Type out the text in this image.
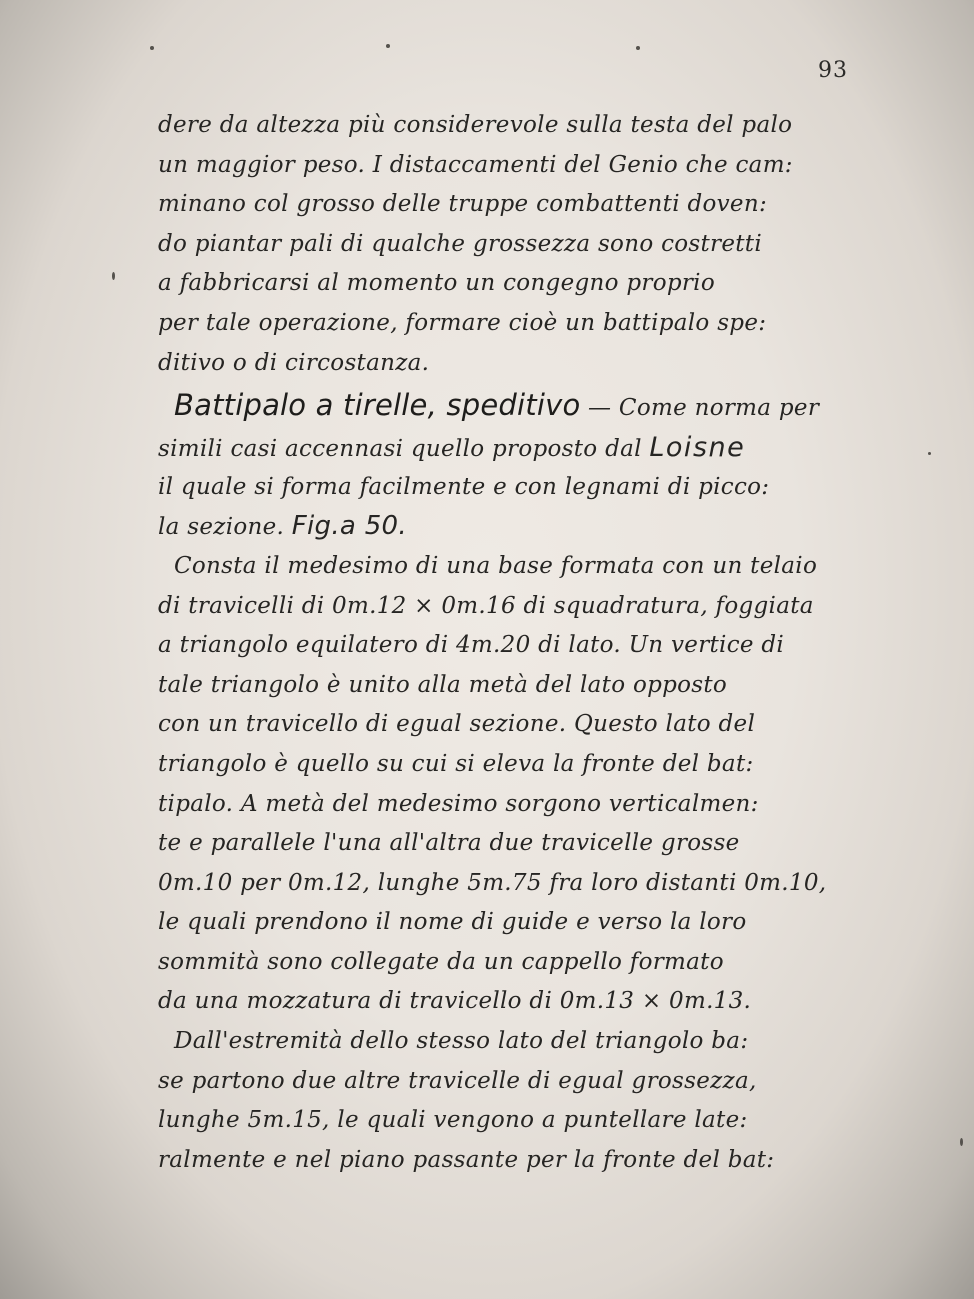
93
dere da altezza più considerevole sulla testa del palo
un maggior peso. I distaccamenti del Genio che cam:
minano col grosso delle truppe combattenti doven:
do piantar pali di qualche grossezza sono costretti
a fabbricarsi al momento un congegno proprio
per tale operazione, formare cioè un battipalo spe:
ditivo o di circostanza.
Battipalo a tirelle, speditivo — Come norma per
simili casi accennasi quello proposto dal Loisne
il quale si forma facilmente e con legnami di picco:
la sezione. Fig.a 50.
Consta il medesimo di una base formata con un telaio
di travicelli di 0m.12 × 0m.16 di squadratura, foggiata
a triangolo equilatero di 4m.20 di lato. Un vertice di
tale triangolo è unito alla metà del lato opposto
con un travicello di egual sezione. Questo lato del
triangolo è quello su cui si eleva la fronte del bat:
tipalo. A metà del medesimo sorgono verticalmen:
te e parallele l'una all'altra due travicelle grosse
0m.10 per 0m.12, lunghe 5m.75 fra loro distanti 0m.10,
le quali prendono il nome di guide e verso la loro
sommità sono collegate da un cappello formato
da una mozzatura di travicello di 0m.13 × 0m.13.
Dall'estremità dello stesso lato del triangolo ba:
se partono due altre travicelle di egual grossezza,
lunghe 5m.15, le quali vengono a puntellare late:
ralmente e nel piano passante per la fronte del bat:
